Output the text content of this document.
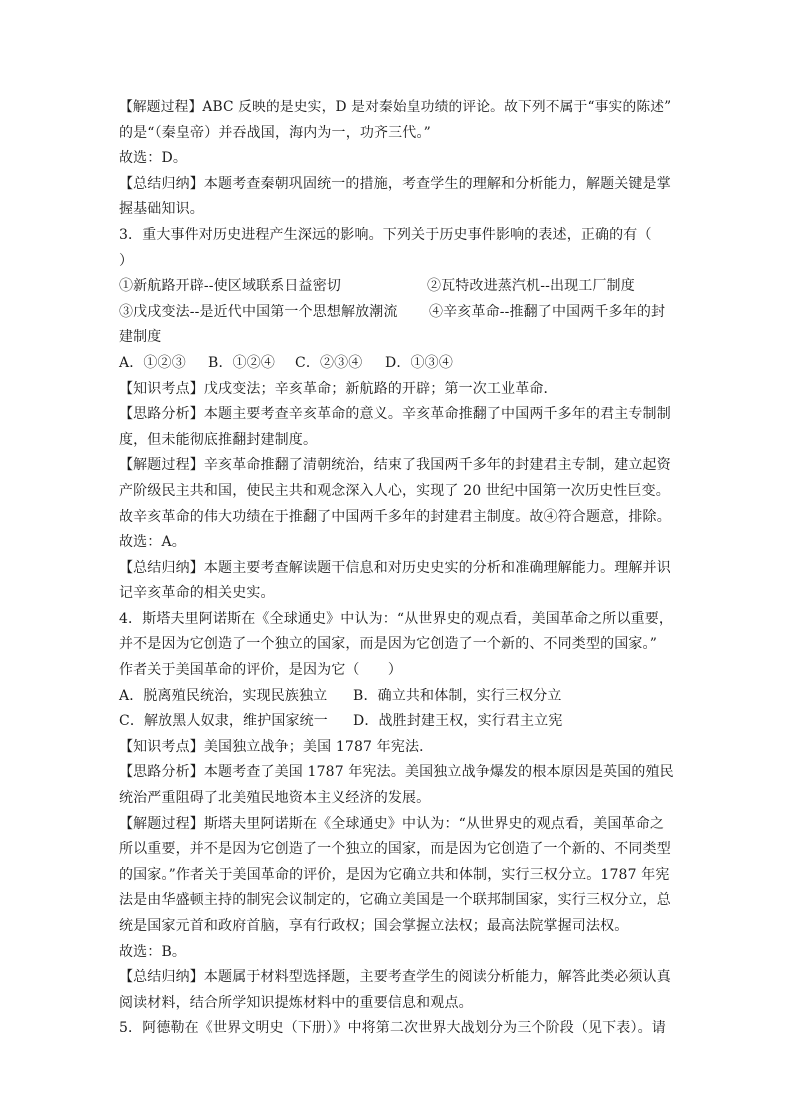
【解题过程】ABC 反映的是史实，D 是对秦始皇功绩的评论。故下列不属于“事实的陈述”
的是“（秦皇帝）并吞战国，海内为一，功齐三代。”
故选：D。
【总结归纳】本题考查秦朝巩固统一的措施，考查学生的理解和分析能力，解题关键是掌
握基础知识。
3．重大事件对历史进程产生深远的影响。下列关于历史事件影响的表述，正确的有（
）
①新航路开辟--使区域联系日益密切	②瓦特改进蒸汽机--出现工厂制度
③戊戌变法--是近代中国第一个思想解放潮流	④辛亥革命--推翻了中国两千多年的封
建制度
A．①②③	B．①②④	C．②③④	D．①③④
【知识考点】戊戌变法；辛亥革命；新航路的开辟；第一次工业革命．
【思路分析】本题主要考查辛亥革命的意义。辛亥革命推翻了中国两千多年的君主专制制
度，但未能彻底推翻封建制度。
【解题过程】辛亥革命推翻了清朝统治，结束了我国两千多年的封建君主专制，建立起资
产阶级民主共和国，使民主共和观念深入人心，实现了 20 世纪中国第一次历史性巨变。
故辛亥革命的伟大功绩在于推翻了中国两千多年的封建君主制度。故④符合题意，排除。
故选：A。
【总结归纳】本题主要考查解读题干信息和对历史史实的分析和准确理解能力。理解并识
记辛亥革命的相关史实。
4．斯塔夫里阿诺斯在《全球通史》中认为：“从世界史的观点看，美国革命之所以重要，
并不是因为它创造了一个独立的国家，而是因为它创造了一个新的、不同类型的国家。”
作者关于美国革命的评价，是因为它（　　）
A．脱离殖民统治，实现民族独立	B．确立共和体制，实行三权分立
C．解放黑人奴隶，维护国家统一	D．战胜封建王权，实行君主立宪
【知识考点】美国独立战争；美国 1787 年宪法．
【思路分析】本题考查了美国 1787 年宪法。美国独立战争爆发的根本原因是英国的殖民
统治严重阻碍了北美殖民地资本主义经济的发展。
【解题过程】斯塔夫里阿诺斯在《全球通史》中认为：“从世界史的观点看，美国革命之
所以重要，并不是因为它创造了一个独立的国家，而是因为它创造了一个新的、不同类型
的国家。”作者关于美国革命的评价，是因为它确立共和体制，实行三权分立。1787 年宪
法是由华盛顿主持的制宪会议制定的，它确立美国是一个联邦制国家，实行三权分立，总
统是国家元首和政府首脑，享有行政权；国会掌握立法权；最高法院掌握司法权。
故选：B。
【总结归纳】本题属于材料型选择题，主要考查学生的阅读分析能力，解答此类必须认真
阅读材料，结合所学知识提炼材料中的重要信息和观点。
5．阿德勒在《世界文明史（下册）》中将第二次世界大战划分为三个阶段（见下表）。请
